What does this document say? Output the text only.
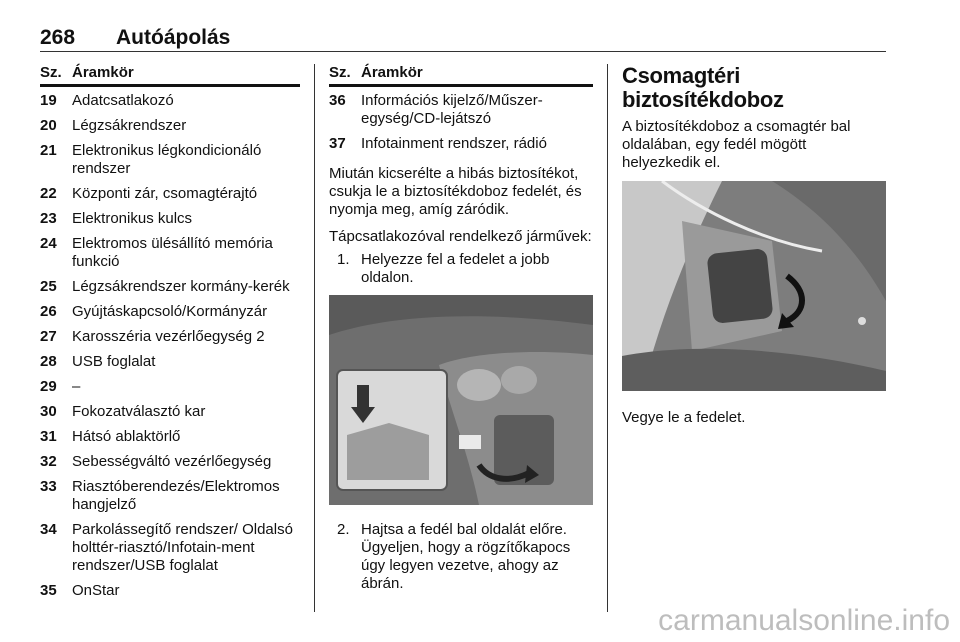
268 Autóápolás
Sz. Áramkör
19	Adatcsatlakozó
20	Légzsákrendszer
21	Elektronikus légkondicionáló rendszer
22	Központi zár, csomagtérajtó
23	Elektronikus kulcs
24	Elektromos ülésállító memória funkció
25	Légzsákrendszer kormány-kerék
26	Gyújtáskapcsoló/Kormányzár
27	Karosszéria vezérlőegység 2
28	USB foglalat
29	–
30	Fokozatválasztó kar
31	Hátsó ablaktörlő
32	Sebességváltó vezérlőegység
33	Riasztóberendezés/Elektromos hangjelző
34	Parkolássegítő rendszer/ Oldalsó holttér-riasztó/Infotain-ment rendszer/USB foglalat
35	OnStar
Sz. Áramkör
36	Információs kijelző/Műszer-egység/CD-lejátszó
37	Infotainment rendszer, rádió

Miután kicserélte a hibás biztosítékot, csukja le a biztosítékdoboz fedelét, és nyomja meg, amíg záródik.

Tápcsatlakozóval rendelkező járművek:

1. Helyezze fel a fedelet a jobb oldalon.
2. Hajtsa a fedél bal oldalát előre. Ügyeljen, hogy a rögzítőkapocs úgy legyen vezetve, ahogy az ábrán.
Csomagtéri biztosítékdoboz

A biztosítékdoboz a csomagtér bal oldalában, egy fedél mögött helyezkedik el.

Vegye le a fedelet.

carmanualsonline.info
